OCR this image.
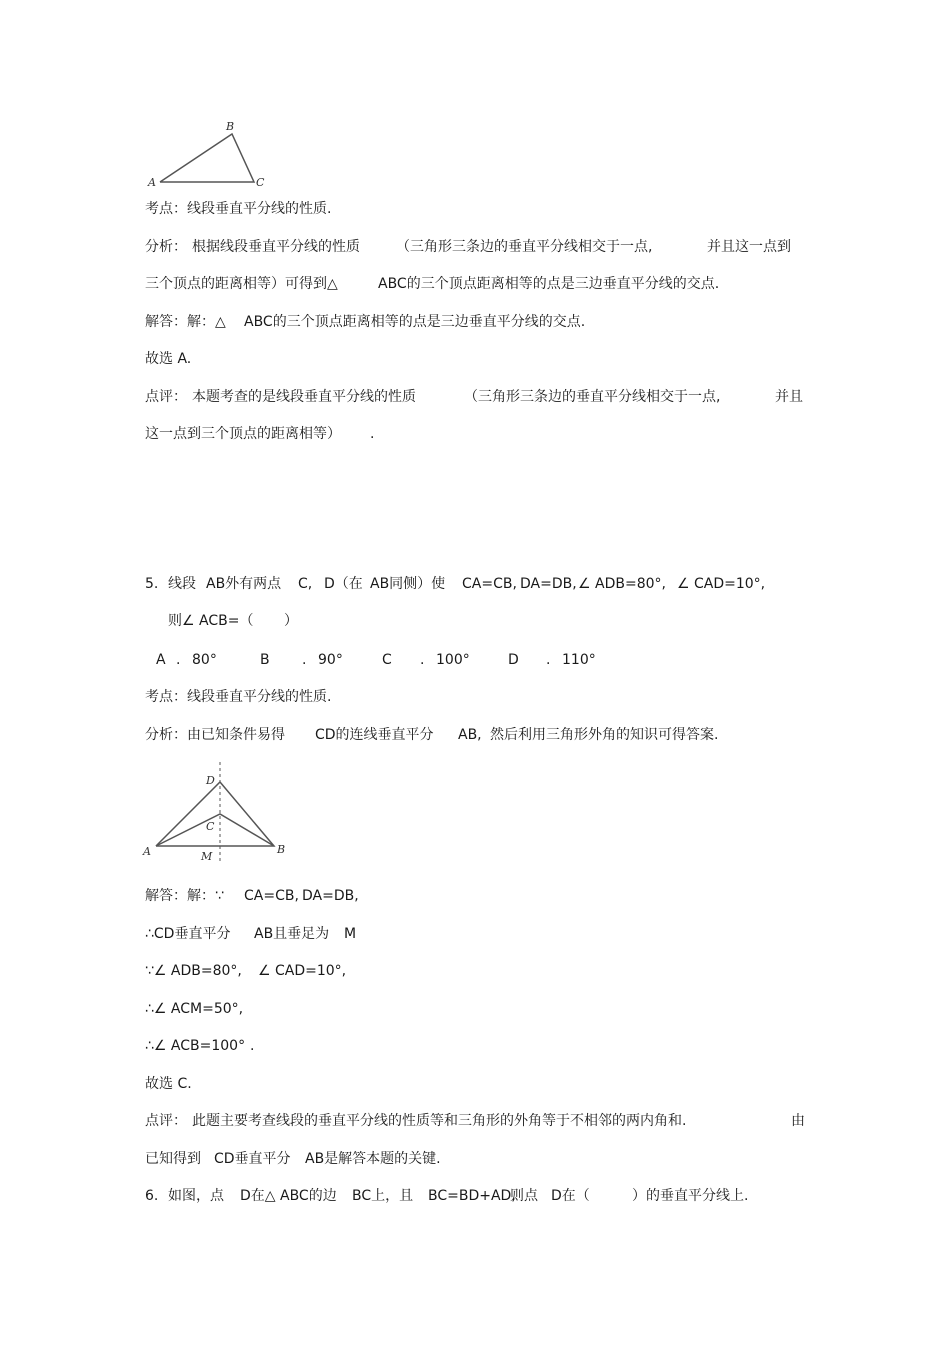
A
B
C
考点：线段垂直平分线的性质.
分析： 根据线段垂直平分线的性质	（三角形三条边的垂直平分线相交于一点,	并且这一点到
三个顶点的距离相等）可得到△	ABC的三个顶点距离相等的点是三边垂直平分线的交点.
解答：解：△ ABC的三个顶点距离相等的点是三边垂直平分线的交点.
故选 A.
点评： 本题考查的是线段垂直平分线的性质	（三角形三条边的垂直平分线相交于一点,	并且
这一点到三个顶点的距离相等） .
5. 线段 AB外有两点 C, D（在 AB同侧）使 CA=CB, DA=DB, ∠ ADB=80°, ∠ CAD=10°,
则∠ ACB=（ ）
A . 80°	B . 90°	C . 100°	D . 110°
考点：线段垂直平分线的性质.
分析：由已知条件易得 CD的连线垂直平分 AB, 然后利用三角形外角的知识可得答案.
D
C
A	B
M
解答：解：∵ CA=CB, DA=DB,
∴CD垂直平分 AB且垂足为 M
∵∠ ADB=80°, ∠ CAD=10°,
∴∠ ACM=50°,
∴∠ ACB=100° .
故选 C.
点评： 此题主要考查线段的垂直平分线的性质等和三角形的外角等于不相邻的两内角和.	由
已知得到 CD垂直平分 AB是解答本题的关键.
6. 如图，点 D在△ ABC的边 BC上，且 BC=BD+AD,
则点 D在（	）的垂直平分线上.
